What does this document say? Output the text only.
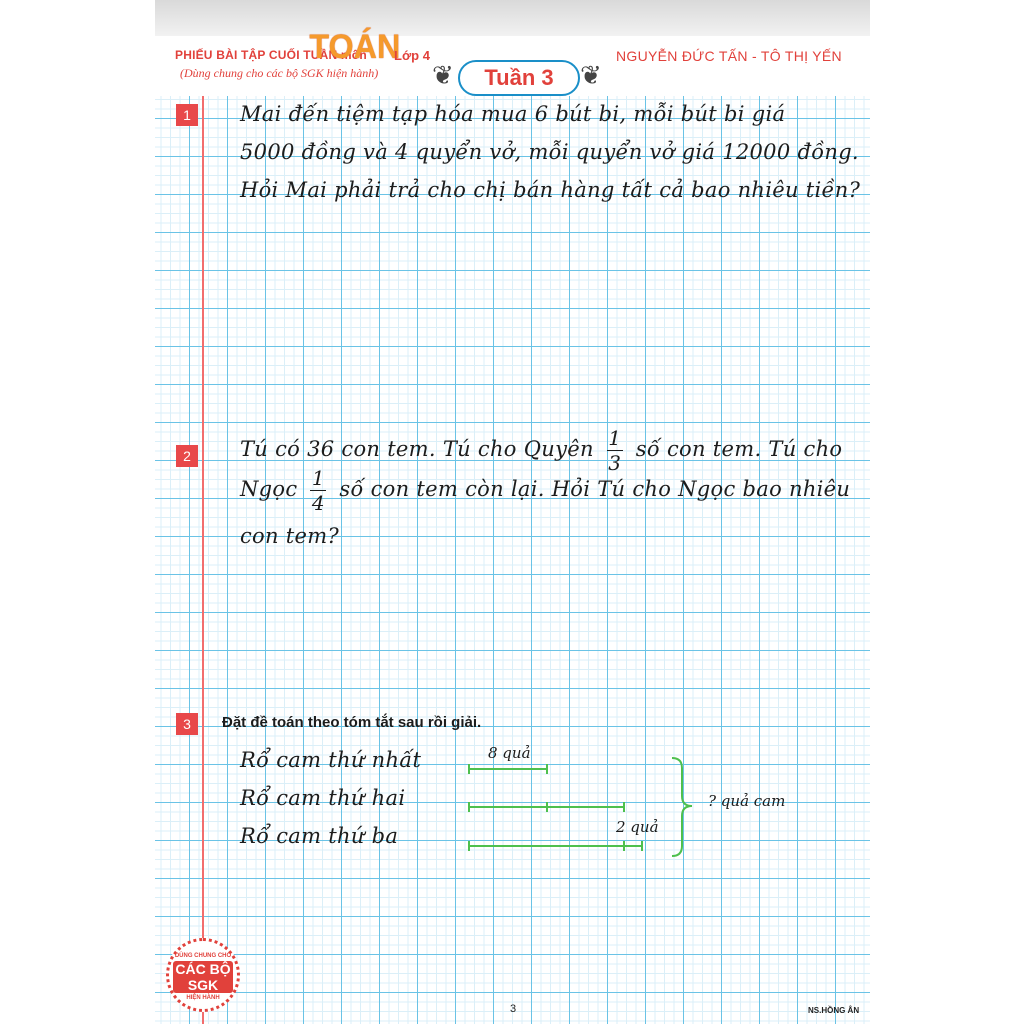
PHIẾU BÀI TẬP CUỐI TUẦN môn
TOÁN
Lớp 4
(Dùng chung cho các bộ SGK hiện hành) ❦	Tuần 3	❦
NGUYỄN ĐỨC TẤN - TÔ THỊ YẾN
1	Mai đến tiệm tạp hóa mua 6 bút bi, mỗi bút bi giá
5000 đồng và 4 quyển vở, mỗi quyển vở giá 12000 đồng.
Hỏi Mai phải trả cho chị bán hàng tất cả bao nhiêu tiền?
2	Tú có 36 con tem. Tú cho Quyên $\frac{1}{3}$ số con tem. Tú cho
Ngọc $\frac{1}{4}$ số con tem còn lại. Hỏi Tú cho Ngọc bao nhiêu
con tem?
3	Đặt đề toán theo tóm tắt sau rồi giải.
Rổ cam thứ nhất
Rổ cam thứ hai
Rổ cam thứ ba
8 quả
2 quả
? quả cam
DÙNG CHUNG CHO
CÁC BỘ SGK
HIỆN HÀNH
3	NS.HỒNG ÂN
